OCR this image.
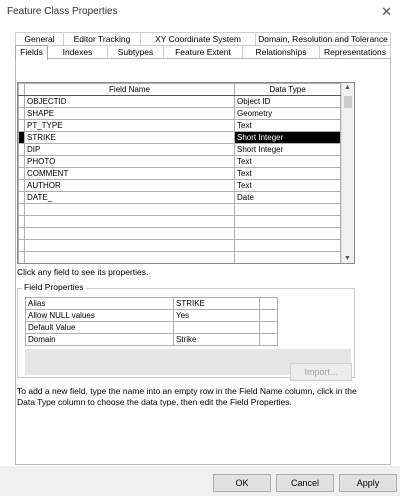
Feature Class Properties	✕
General	Editor Tracking	XY Coordinate System	Domain, Resolution and Tolerance
Fields	Indexes	Subtypes	Feature Extent	Relationships	Representations
	Field Name	Data Type
	OBJECTID	Object ID
	SHAPE	Geometry
	PT_TYPE	Text
	STRIKE	Short Integer
	DIP	Short Integer
	PHOTO	Text
	COMMENT	Text
	AUTHOR	Text
	DATE_	Date

▲
▼
Click any field to see its properties.
Field Properties
Alias	STRIKE	
Allow NULL values	Yes	
Default Value		
Domain	Strike	
Import...
To add a new field, type the name into an empty row in the Field Name column, click in the Data Type column to choose the data type, then edit the Field Properties.
OK	Cancel	Apply
